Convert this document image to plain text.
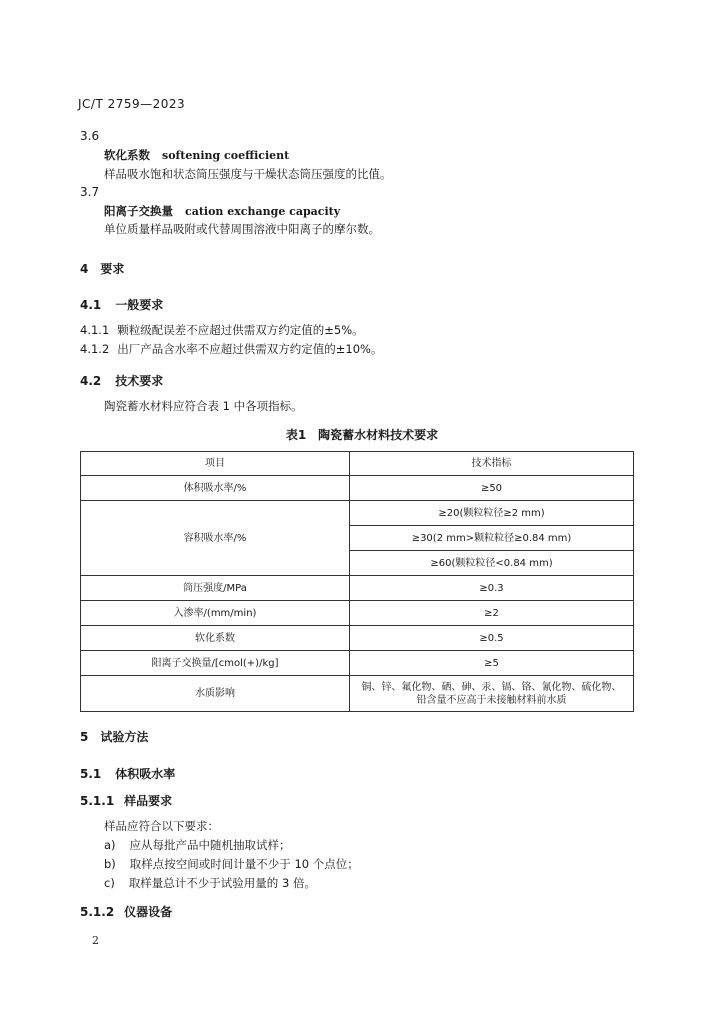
JC/T 2759—2023
3.6
软化系数 softening coefficient
样品吸水饱和状态筒压强度与干燥状态筒压强度的比值。
3.7
阳离子交换量 cation exchange capacity
单位质量样品吸附或代替周围溶液中阳离子的摩尔数。
4 要求
4.1 一般要求
4.1.1 颗粒级配误差不应超过供需双方约定值的±5%。
4.1.2 出厂产品含水率不应超过供需双方约定值的±10%。
4.2 技术要求
陶瓷蓄水材料应符合表 1 中各项指标。
表1　陶瓷蓄水材料技术要求
项目	技术指标
体积吸水率/%	≥50
容积吸水率/%	≥20(颗粒粒径≥2 mm)
	≥30(2 mm>颗粒粒径≥0.84 mm)
	≥60(颗粒粒径<0.84 mm)
筒压强度/MPa	≥0.3
入渗率/(mm/min)	≥2
软化系数	≥0.5
阳离子交换量/[cmol(+)/kg]	≥5
水质影响	铜、锌、氟化物、硒、砷、汞、镉、铬、氰化物、硫化物、
铅含量不应高于未接触材料前水质
5 试验方法
5.1 体积吸水率
5.1.1 样品要求
样品应符合以下要求：
a) 应从每批产品中随机抽取试样；
b) 取样点按空间或时间计量不少于 10 个点位；
c) 取样量总计不少于试验用量的 3 倍。
5.1.2 仪器设备
2
